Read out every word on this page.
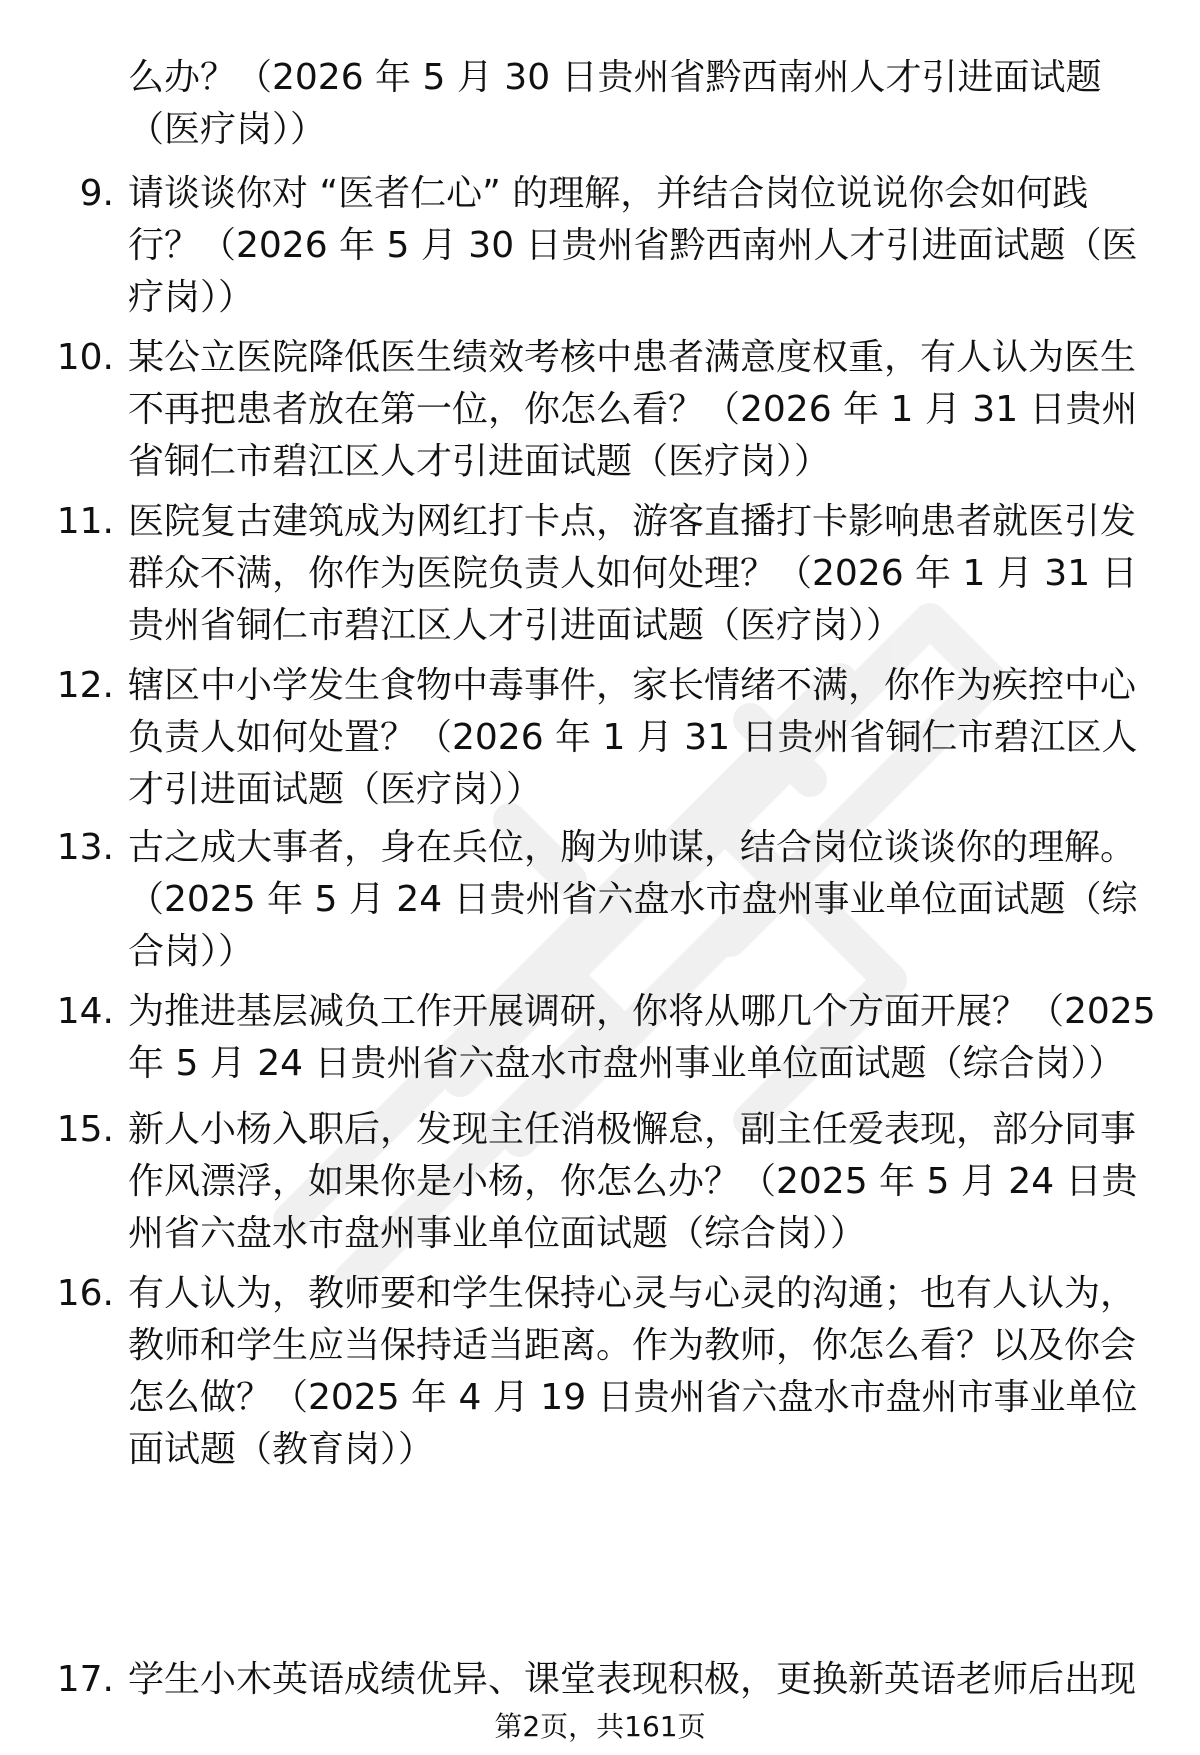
么办？（2026 年 5 月 30 日贵州省黔西南州人才引进面试题
（医疗岗））
9. 请谈谈你对 “医者仁心” 的理解，并结合岗位说说你会如何践
行？（2026 年 5 月 30 日贵州省黔西南州人才引进面试题（医
疗岗））
10. 某公立医院降低医生绩效考核中患者满意度权重，有人认为医生
不再把患者放在第一位，你怎么看？（2026 年 1 月 31 日贵州
省铜仁市碧江区人才引进面试题（医疗岗））
11. 医院复古建筑成为网红打卡点，游客直播打卡影响患者就医引发
群众不满，你作为医院负责人如何处理？（2026 年 1 月 31 日
贵州省铜仁市碧江区人才引进面试题（医疗岗））
12. 辖区中小学发生食物中毒事件，家长情绪不满，你作为疾控中心
负责人如何处置？（2026 年 1 月 31 日贵州省铜仁市碧江区人
才引进面试题（医疗岗））
13. 古之成大事者，身在兵位，胸为帅谋，结合岗位谈谈你的理解。
（2025 年 5 月 24 日贵州省六盘水市盘州事业单位面试题（综
合岗））
14. 为推进基层减负工作开展调研，你将从哪几个方面开展？（2025
年 5 月 24 日贵州省六盘水市盘州事业单位面试题（综合岗））
15. 新人小杨入职后，发现主任消极懈怠，副主任爱表现，部分同事
作风漂浮，如果你是小杨，你怎么办？（2025 年 5 月 24 日贵
州省六盘水市盘州事业单位面试题（综合岗））
16. 有人认为，教师要和学生保持心灵与心灵的沟通；也有人认为，
教师和学生应当保持适当距离。作为教师，你怎么看？以及你会
怎么做？（2025 年 4 月 19 日贵州省六盘水市盘州市事业单位
面试题（教育岗））
17. 学生小木英语成绩优异、课堂表现积极，更换新英语老师后出现
第2页，共161页
